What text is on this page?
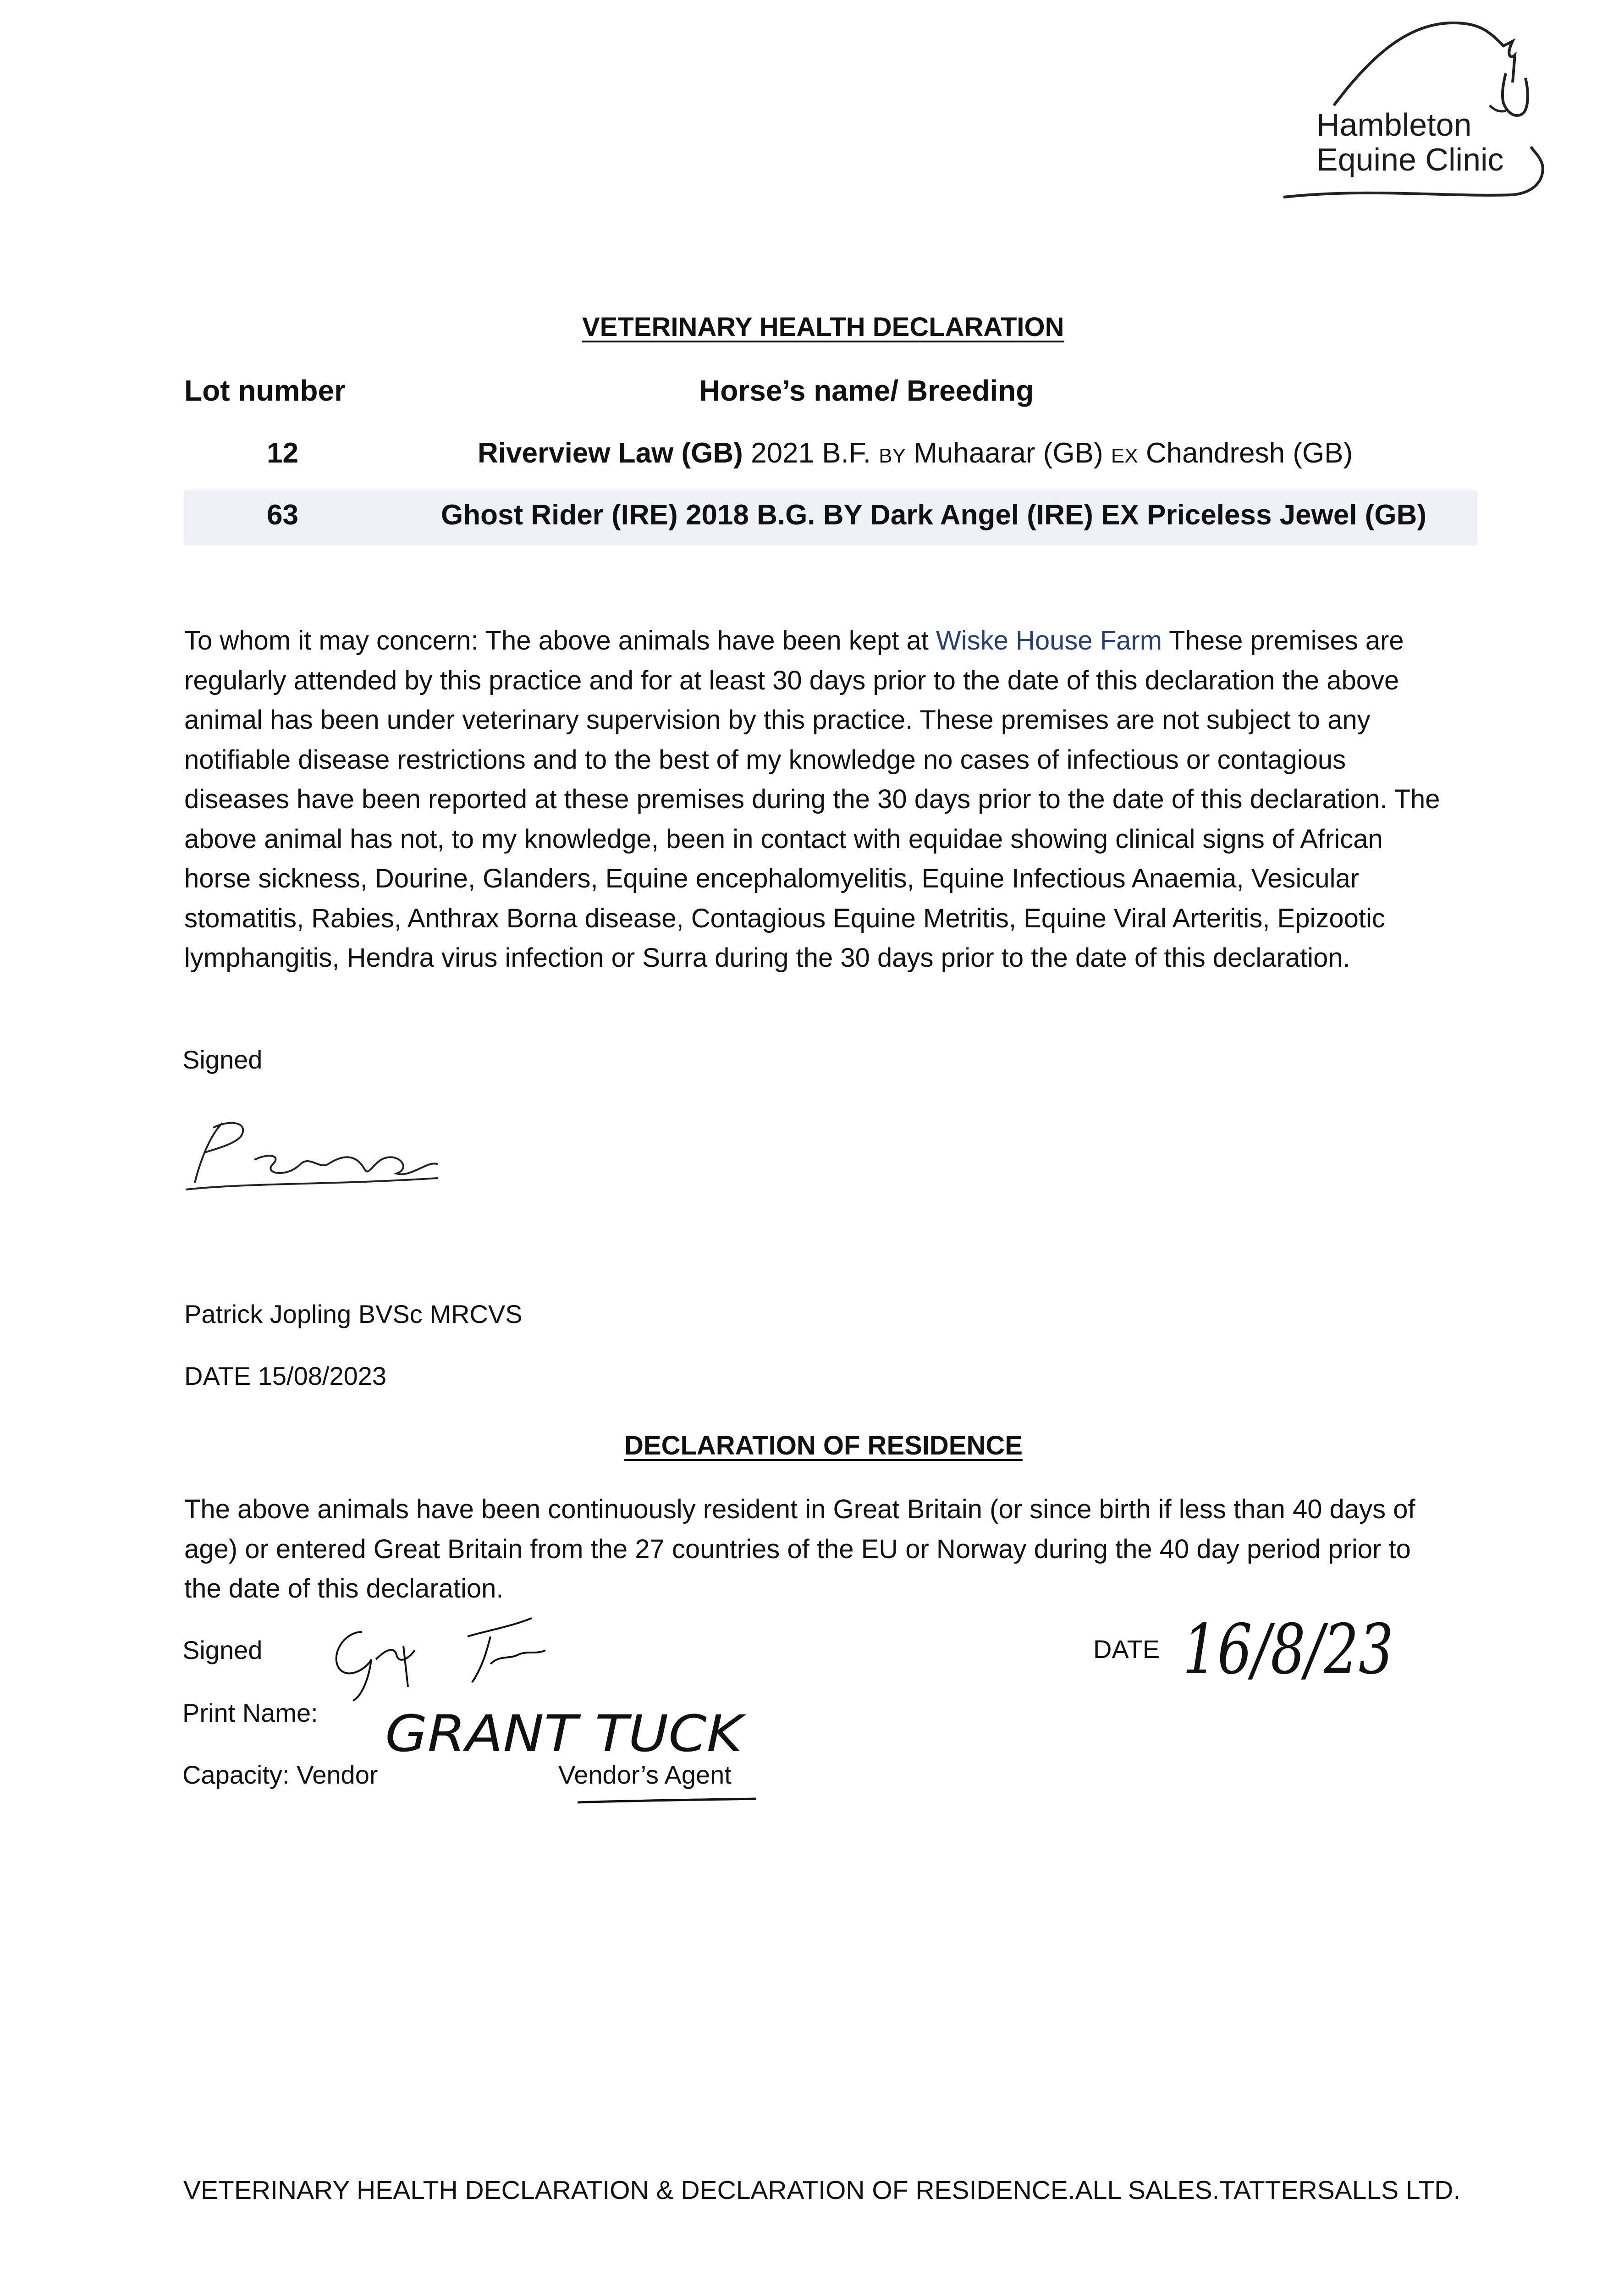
Hambleton
Equine Clinic
VETERINARY HEALTH DECLARATION
Lot number	Horse’s name/ Breeding
12	Riverview Law (GB) 2021 B.F. BY Muhaarar (GB) EX Chandresh (GB)
63	Ghost Rider (IRE) 2018 B.G. BY Dark Angel (IRE) EX Priceless Jewel (GB)
To whom it may concern: The above animals have been kept at Wiske House Farm These premises are regularly attended by this practice and for at least 30 days prior to the date of this declaration the above animal has been under veterinary supervision by this practice. These premises are not subject to any notifiable disease restrictions and to the best of my knowledge no cases of infectious or contagious diseases have been reported at these premises during the 30 days prior to the date of this declaration. The above animal has not, to my knowledge, been in contact with equidae showing clinical signs of African horse sickness, Dourine, Glanders, Equine encephalomyelitis, Equine Infectious Anaemia, Vesicular stomatitis, Rabies, Anthrax Borna disease, Contagious Equine Metritis, Equine Viral Arteritis, Epizootic lymphangitis, Hendra virus infection or Surra during the 30 days prior to the date of this declaration.
Signed
Patrick Jopling BVSc MRCVS
DATE 15/08/2023
DECLARATION OF RESIDENCE
The above animals have been continuously resident in Great Britain (or since birth if less than 40 days of age) or entered Great Britain from the 27 countries of the EU or Norway during the 40 day period prior to the date of this declaration.
Signed
Print Name:
Capacity: Vendor	Vendor’s Agent
GRANT TUCK
DATE 16/8/23
VETERINARY HEALTH DECLARATION & DECLARATION OF RESIDENCE.ALL SALES.TATTERSALLS LTD.
